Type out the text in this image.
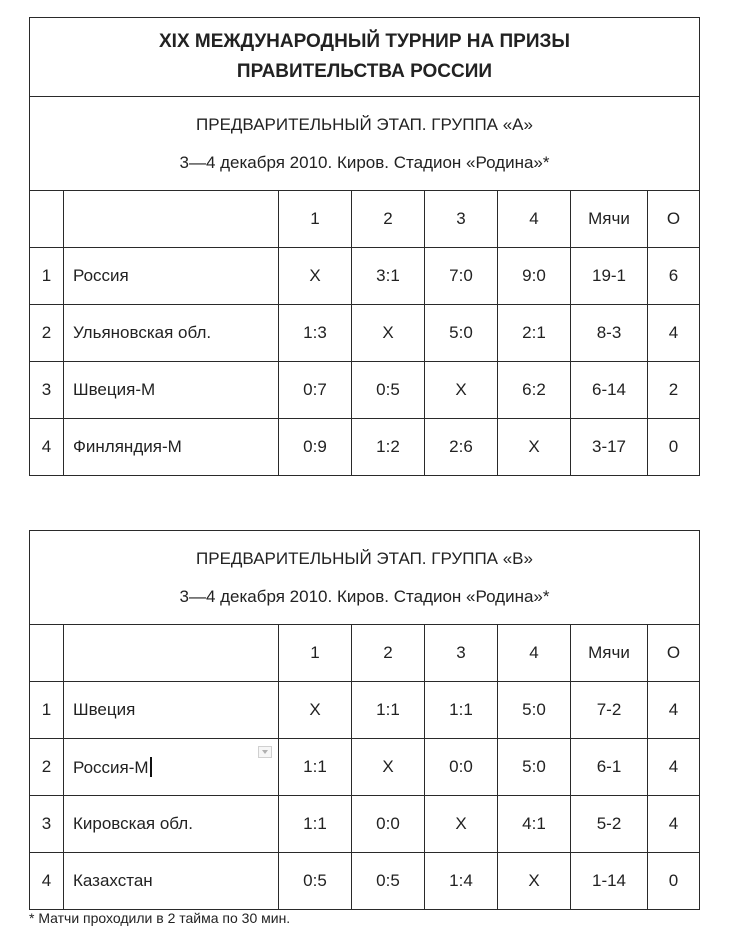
XIX МЕЖДУНАРОДНЫЙ ТУРНИР НА ПРИЗЫ
ПРАВИТЕЛЬСТВА РОССИИ							
ПРЕДВАРИТЕЛЬНЫЙ ЭТАП. ГРУППА «А»
3—4 декабря 2010. Киров. Стадион «Родина»*							
		1	2	3	4	Мячи	О
1	Россия	Х	3:1	7:0	9:0	19-1	6
2	Ульяновская обл.	1:3	Х	5:0	2:1	8-3	4
3	Швеция-М	0:7	0:5	Х	6:2	6-14	2
4	Финляндия-М	0:9	1:2	2:6	Х	3-17	0
ПРЕДВАРИТЕЛЬНЫЙ ЭТАП. ГРУППА «В»
3—4 декабря 2010. Киров. Стадион «Родина»*							
		1	2	3	4	Мячи	О
1	Швеция	Х	1:1	1:1	5:0	7-2	4
2	Россия-М	1:1	Х	0:0	5:0	6-1	4
3	Кировская обл.	1:1	0:0	Х	4:1	5-2	4
4	Казахстан	0:5	0:5	1:4	Х	1-14	0
* Матчи проходили в 2 тайма по 30 мин.
